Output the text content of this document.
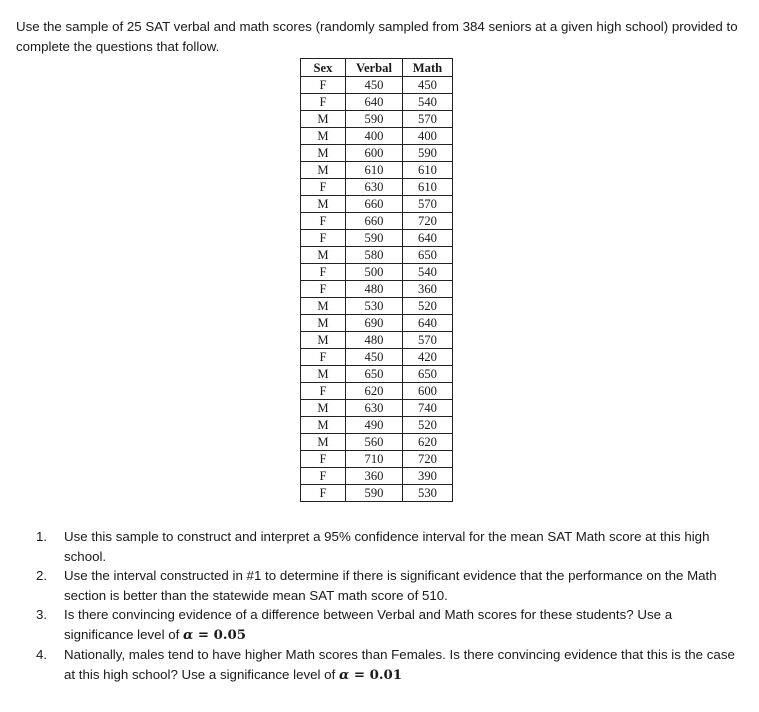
Use the sample of 25 SAT verbal and math scores (randomly sampled from 384 seniors at a given high school) provided to complete the questions that follow.
Sex	Verbal	Math
F	450	450
F	640	540
M	590	570
M	400	400
M	600	590
M	610	610
F	630	610
M	660	570
F	660	720
F	590	640
M	580	650
F	500	540
F	480	360
M	530	520
M	690	640
M	480	570
F	450	420
M	650	650
F	620	600
M	630	740
M	490	520
M	560	620
F	710	720
F	360	390
F	590	530
1. Use this sample to construct and interpret a 95% confidence interval for the mean SAT Math score at this high school.
2. Use the interval constructed in #1 to determine if there is significant evidence that the performance on the Math section is better than the statewide mean SAT math score of 510.
3. Is there convincing evidence of a difference between Verbal and Math scores for these students? Use a significance level of α = 0.05
4. Nationally, males tend to have higher Math scores than Females. Is there convincing evidence that this is the case at this high school? Use a significance level of α = 0.01
